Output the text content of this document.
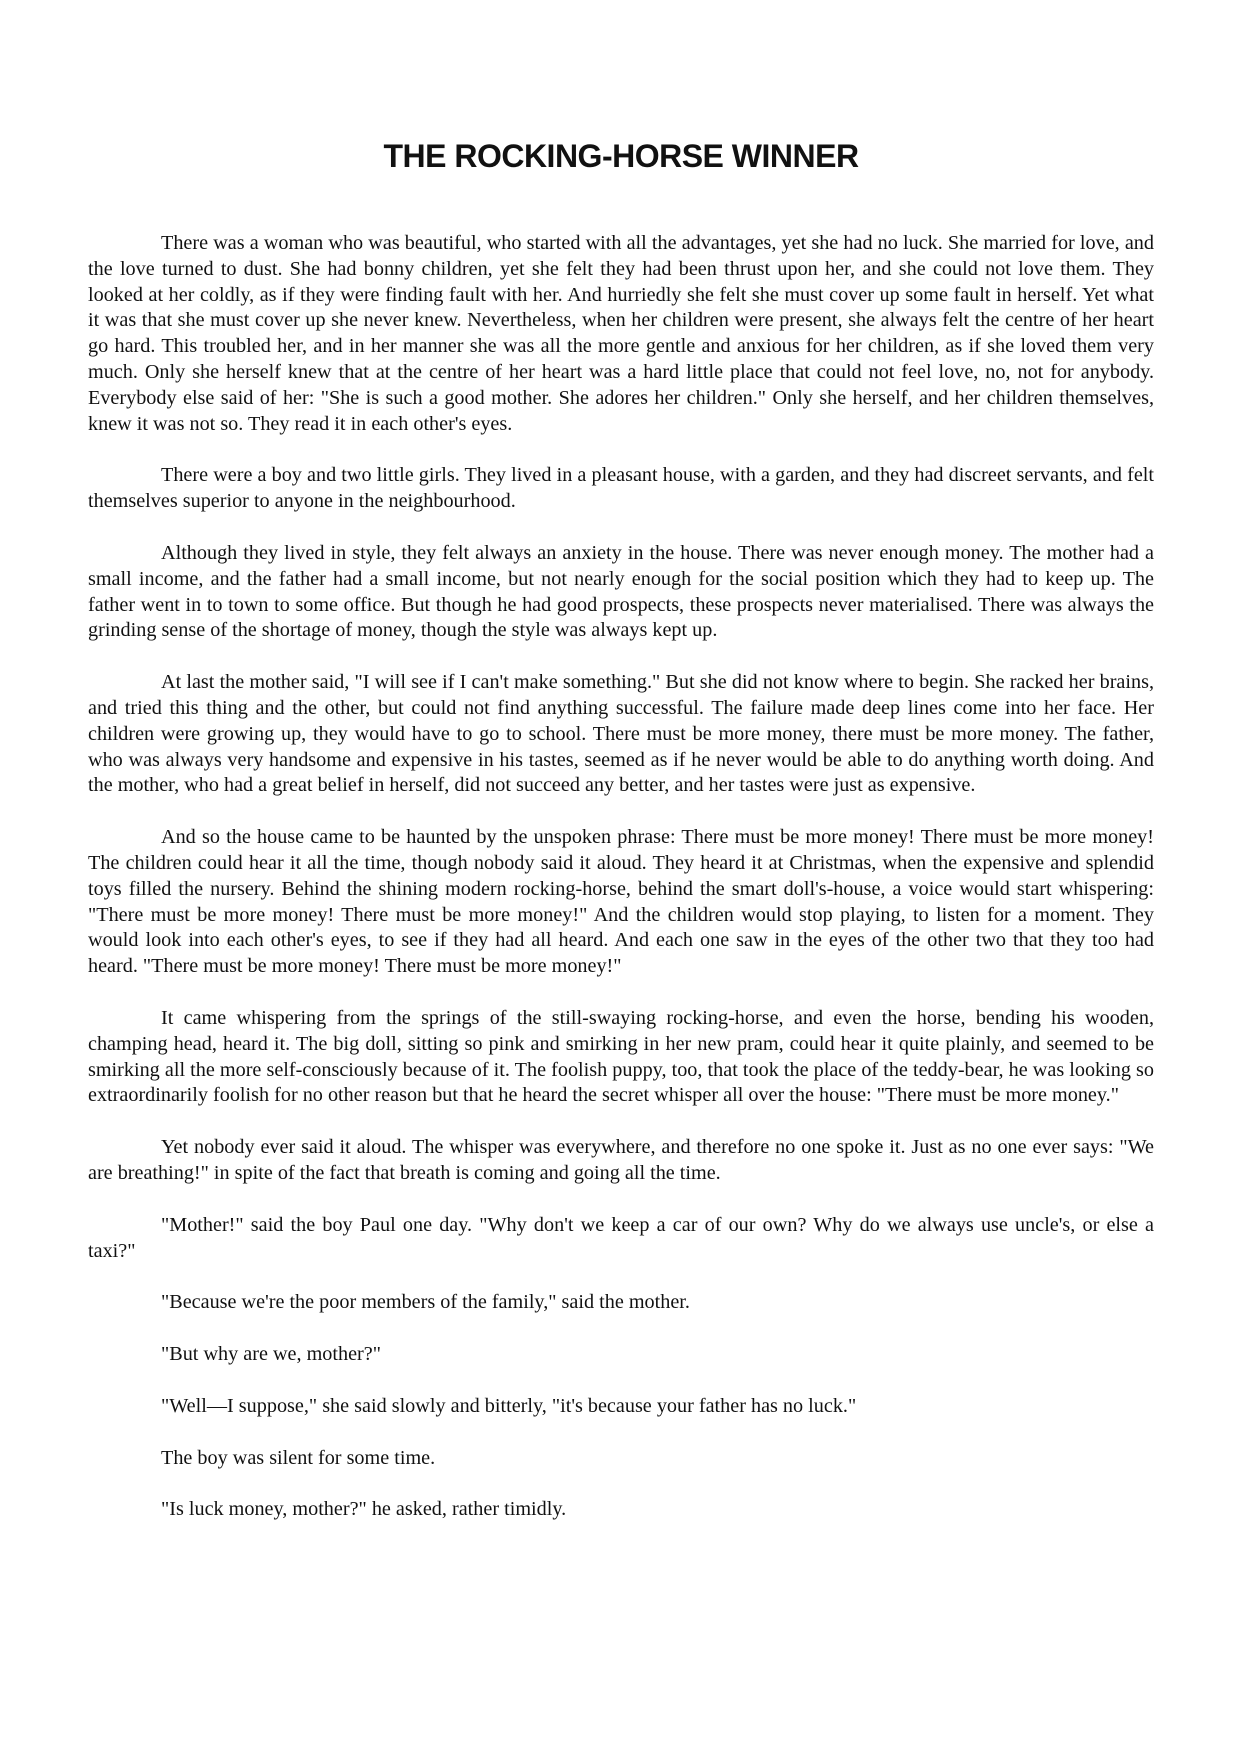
THE ROCKING-HORSE WINNER

There was a woman who was beautiful, who started with all the advantages, yet she had no luck. She married for love, and the love turned to dust. She had bonny children, yet she felt they had been thrust upon her, and she could not love them. They looked at her coldly, as if they were finding fault with her. And hurriedly she felt she must cover up some fault in herself. Yet what it was that she must cover up she never knew. Nevertheless, when her children were present, she always felt the centre of her heart go hard. This troubled her, and in her manner she was all the more gentle and anxious for her children, as if she loved them very much. Only she herself knew that at the centre of her heart was a hard little place that could not feel love, no, not for anybody. Everybody else said of her: "She is such a good mother. She adores her children." Only she herself, and her children themselves, knew it was not so. They read it in each other's eyes.

There were a boy and two little girls. They lived in a pleasant house, with a garden, and they had discreet servants, and felt themselves superior to anyone in the neighbourhood.

Although they lived in style, they felt always an anxiety in the house. There was never enough money. The mother had a small income, and the father had a small income, but not nearly enough for the social position which they had to keep up. The father went in to town to some office. But though he had good prospects, these prospects never materialised. There was always the grinding sense of the shortage of money, though the style was always kept up.

At last the mother said, "I will see if I can't make something." But she did not know where to begin. She racked her brains, and tried this thing and the other, but could not find anything successful. The failure made deep lines come into her face. Her children were growing up, they would have to go to school. There must be more money, there must be more money. The father, who was always very handsome and expensive in his tastes, seemed as if he never would be able to do anything worth doing. And the mother, who had a great belief in herself, did not succeed any better, and her tastes were just as expensive.

And so the house came to be haunted by the unspoken phrase: There must be more money! There must be more money! The children could hear it all the time, though nobody said it aloud. They heard it at Christmas, when the expensive and splendid toys filled the nursery. Behind the shining modern rocking-horse, behind the smart doll's-house, a voice would start whispering: "There must be more money! There must be more money!" And the children would stop playing, to listen for a moment. They would look into each other's eyes, to see if they had all heard. And each one saw in the eyes of the other two that they too had heard. "There must be more money! There must be more money!"

It came whispering from the springs of the still-swaying rocking-horse, and even the horse, bending his wooden, champing head, heard it. The big doll, sitting so pink and smirking in her new pram, could hear it quite plainly, and seemed to be smirking all the more self-consciously because of it. The foolish puppy, too, that took the place of the teddy-bear, he was looking so extraordinarily foolish for no other reason but that he heard the secret whisper all over the house: "There must be more money."

Yet nobody ever said it aloud. The whisper was everywhere, and therefore no one spoke it. Just as no one ever says: "We are breathing!" in spite of the fact that breath is coming and going all the time.

"Mother!" said the boy Paul one day. "Why don't we keep a car of our own? Why do we always use uncle's, or else a taxi?"

"Because we're the poor members of the family," said the mother.

"But why are we, mother?"

"Well—I suppose," she said slowly and bitterly, "it's because your father has no luck."

The boy was silent for some time.

"Is luck money, mother?" he asked, rather timidly.
